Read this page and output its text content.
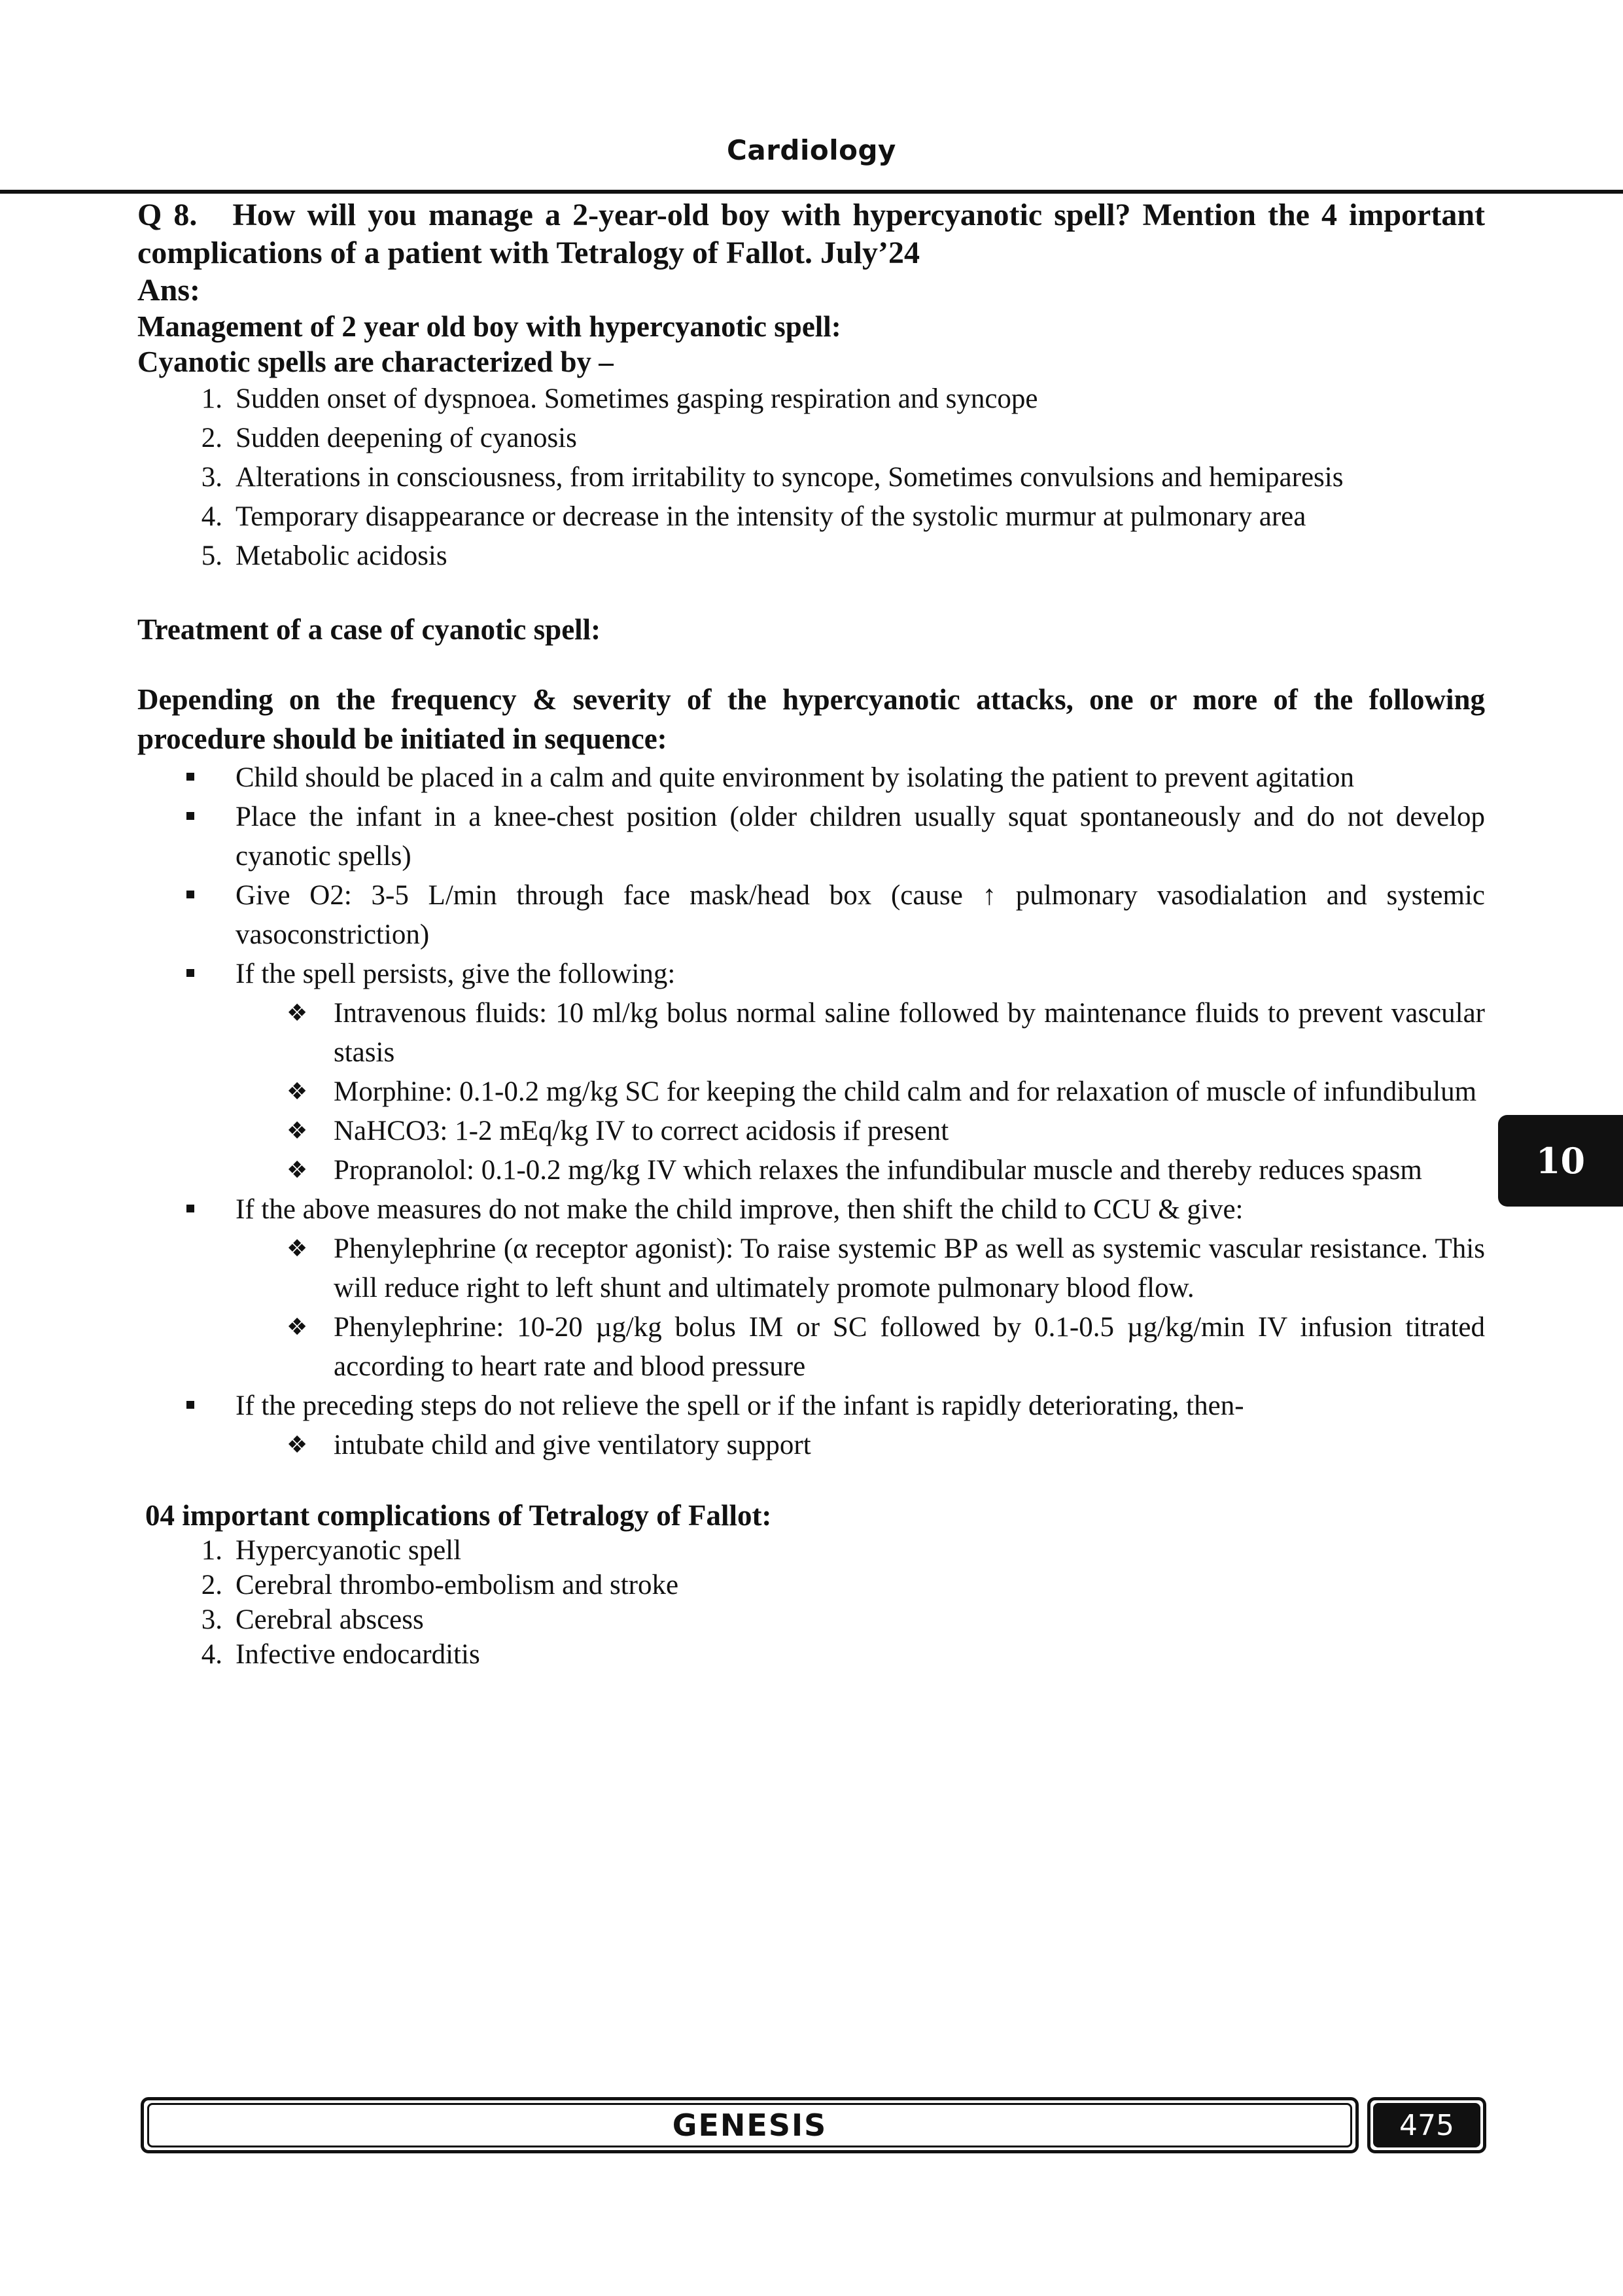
Cardiology

Q 8. How will you manage a 2-year-old boy with hypercyanotic spell? Mention the 4 important complications of a patient with Tetralogy of Fallot. July’24

Ans:

Management of 2 year old boy with hypercyanotic spell:

Cyanotic spells are characterized by –

1. Sudden onset of dyspnoea. Sometimes gasping respiration and syncope
2. Sudden deepening of cyanosis
3. Alterations in consciousness, from irritability to syncope, Sometimes convulsions and hemiparesis
4. Temporary disappearance or decrease in the intensity of the systolic murmur at pulmonary area
5. Metabolic acidosis

Treatment of a case of cyanotic spell:

Depending on the frequency & severity of the hypercyanotic attacks, one or more of the following procedure should be initiated in sequence:

Child should be placed in a calm and quite environment by isolating the patient to prevent agitation
Place the infant in a knee-chest position (older children usually squat spontaneously and do not develop cyanotic spells)
Give O2: 3-5 L/min through face mask/head box (cause ↑ pulmonary vasodialation and systemic vasoconstriction)
If the spell persists, give the following:
❖ Intravenous fluids: 10 ml/kg bolus normal saline followed by maintenance fluids to prevent vascular stasis
❖ Morphine: 0.1-0.2 mg/kg SC for keeping the child calm and for relaxation of muscle of infundibulum
❖ NaHCO3: 1-2 mEq/kg IV to correct acidosis if present
❖ Propranolol: 0.1-0.2 mg/kg IV which relaxes the infundibular muscle and thereby reduces spasm
If the above measures do not make the child improve, then shift the child to CCU & give:
❖ Phenylephrine (α receptor agonist): To raise systemic BP as well as systemic vascular resistance. This will reduce right to left shunt and ultimately promote pulmonary blood flow.
❖ Phenylephrine: 10-20 µg/kg bolus IM or SC followed by 0.1-0.5 µg/kg/min IV infusion titrated according to heart rate and blood pressure
If the preceding steps do not relieve the spell or if the infant is rapidly deteriorating, then-
❖ intubate child and give ventilatory support

04 important complications of Tetralogy of Fallot:

1. Hypercyanotic spell
2. Cerebral thrombo-embolism and stroke
3. Cerebral abscess
4. Infective endocarditis
10
GENESIS	475
